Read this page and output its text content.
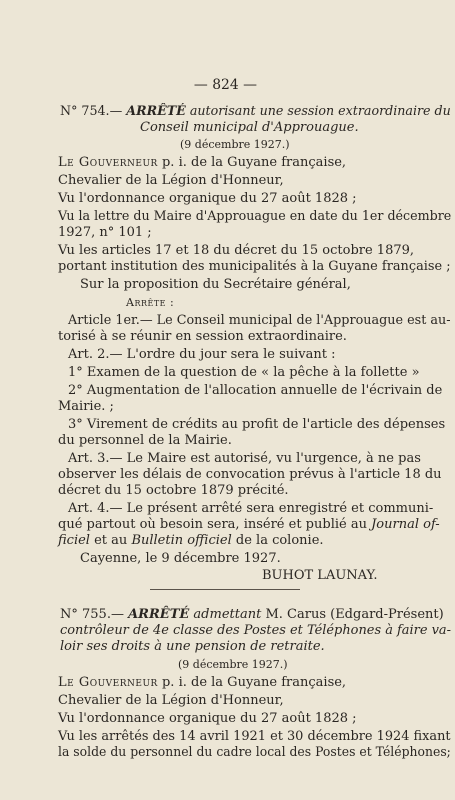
— 824 —
N° 754.— ARRÊTÉ autorisant une session extraordinaire du
Conseil municipal d'Approuague.
(9 décembre 1927.)
Le Gouverneur p. i. de la Guyane française,
Chevalier de la Légion d'Honneur,
Vu l'ordonnance organique du 27 août 1828 ;
Vu la lettre du Maire d'Approuague en date du 1er décembre
1927, n° 101 ;
Vu les articles 17 et 18 du décret du 15 octobre 1879,
portant institution des municipalités à la Guyane française ;
Sur la proposition du Secrétaire général,
Arrête :
Article 1er.— Le Conseil municipal de l'Approuague est au-
torisé à se réunir en session extraordinaire.
Art. 2.— L'ordre du jour sera le suivant :
1° Examen de la question de « la pêche à la follette »
2° Augmentation de l'allocation annuelle de l'écrivain de
Mairie. ;
3° Virement de crédits au profit de l'article des dépenses
du personnel de la Mairie.
Art. 3.— Le Maire est autorisé, vu l'urgence, à ne pas
observer les délais de convocation prévus à l'article 18 du
décret du 15 octobre 1879 précité.
Art. 4.— Le présent arrêté sera enregistré et communi-
qué partout où besoin sera, inséré et publié au Journal of-
ficiel et au Bulletin officiel de la colonie.
Cayenne, le 9 décembre 1927.
BUHOT LAUNAY.
N° 755.— ARRÊTÉ admettant M. Carus (Edgard-Présent)
contrôleur de 4e classe des Postes et Téléphones à faire va-
loir ses droits à une pension de retraite.
(9 décembre 1927.)
Le Gouverneur p. i. de la Guyane française,
Chevalier de la Légion d'Honneur,
Vu l'ordonnance organique du 27 août 1828 ;
Vu les arrêtés des 14 avril 1921 et 30 décembre 1924 fixant
la solde du personnel du cadre local des Postes et Téléphones;
